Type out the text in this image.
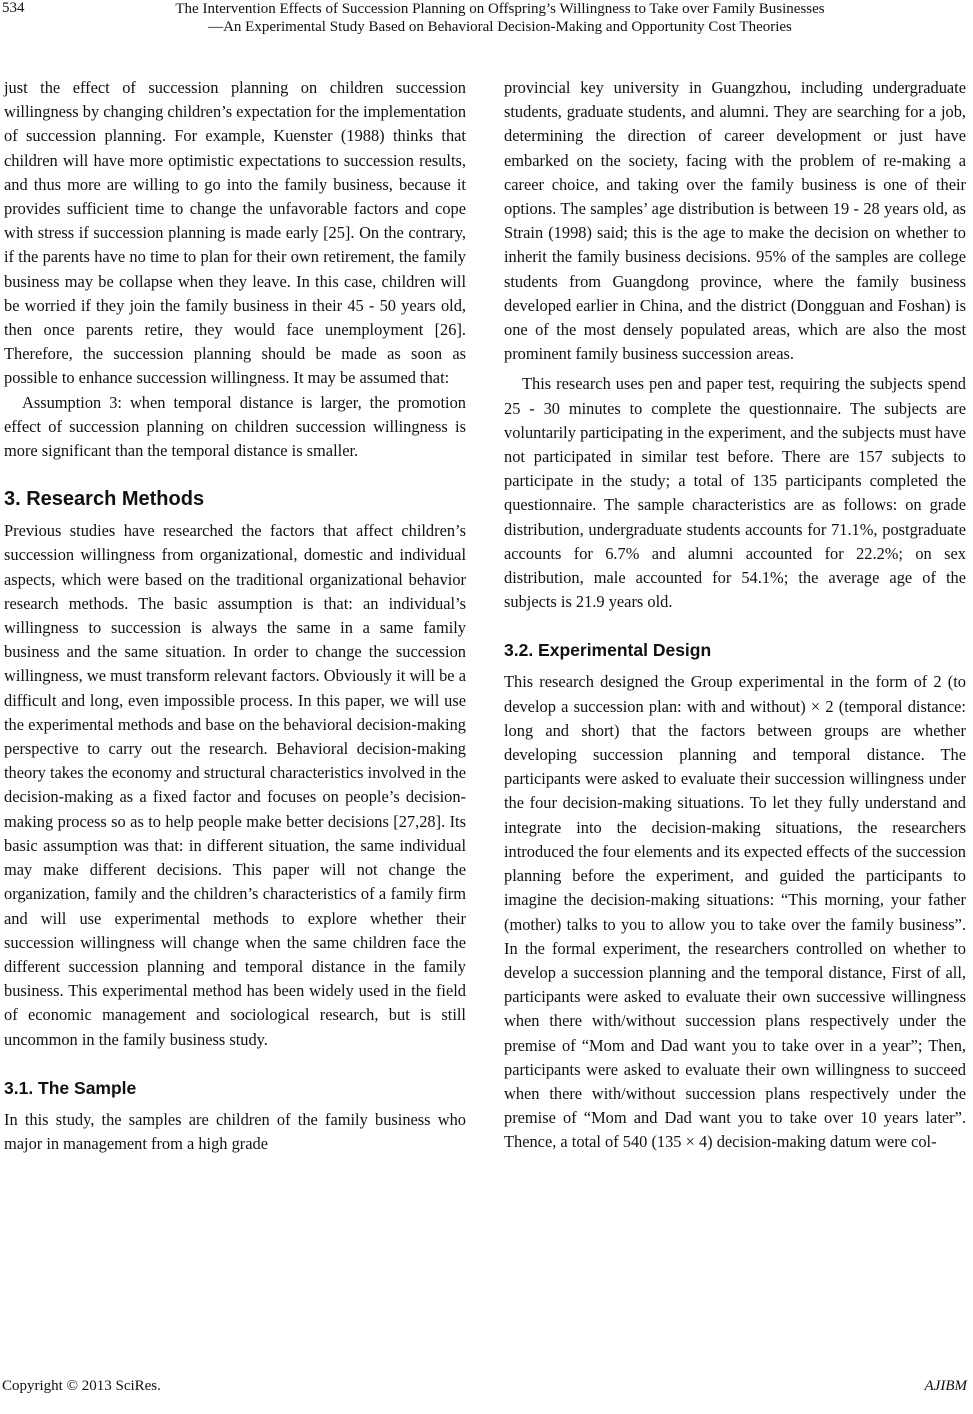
534	The Intervention Effects of Succession Planning on Offspring’s Willingness to Take over Family Businesses
—An Experimental Study Based on Behavioral Decision-Making and Opportunity Cost Theories

just the effect of succession planning on children succession willingness by changing children’s expectation for the implementation of succession planning. For example, Kuenster (1988) thinks that children will have more optimistic expectations to succession results, and thus more are willing to go into the family business, because it provides sufficient time to change the unfavorable factors and cope with stress if succession planning is made early [25]. On the contrary, if the parents have no time to plan for their own retirement, the family business may be collapse when they leave. In this case, children will be worried if they join the family business in their 45 - 50 years old, then once parents retire, they would face unemployment [26]. Therefore, the succession planning should be made as soon as possible to enhance succession willingness. It may be assumed that:

Assumption 3: when temporal distance is larger, the promotion effect of succession planning on children succession willingness is more significant than the temporal distance is smaller.

3. Research Methods

Previous studies have researched the factors that affect children’s succession willingness from organizational, domestic and individual aspects, which were based on the traditional organizational behavior research methods. The basic assumption is that: an individual’s willingness to succession is always the same in a same family business and the same situation. In order to change the succession willingness, we must transform relevant factors. Obviously it will be a difficult and long, even impossible process. In this paper, we will use the experimental methods and base on the behavioral decision-making perspective to carry out the research. Behavioral decision-making theory takes the economy and structural characteristics involved in the decision-making as a fixed factor and focuses on people’s decision-making process so as to help people make better decisions [27,28]. Its basic assumption was that: in different situation, the same individual may make different decisions. This paper will not change the organization, family and the children’s characteristics of a family firm and will use experimental methods to explore whether their succession willingness will change when the same children face the different succession planning and temporal distance in the family business. This experimental method has been widely used in the field of economic management and sociological research, but is still uncommon in the family business study.

3.1. The Sample

In this study, the samples are children of the family business who major in management from a high grade

provincial key university in Guangzhou, including undergraduate students, graduate students, and alumni. They are searching for a job, determining the direction of career development or just have embarked on the society, facing with the problem of re-making a career choice, and taking over the family business is one of their options. The samples’ age distribution is between 19 - 28 years old, as Strain (1998) said; this is the age to make the decision on whether to inherit the family business decisions. 95% of the samples are college students from Guangdong province, where the family business developed earlier in China, and the district (Dongguan and Foshan) is one of the most densely populated areas, which are also the most prominent family business succession areas.

This research uses pen and paper test, requiring the subjects spend 25 - 30 minutes to complete the questionnaire. The subjects are voluntarily participating in the experiment, and the subjects must have not participated in similar test before. There are 157 subjects to participate in the study; a total of 135 participants completed the questionnaire. The sample characteristics are as follows: on grade distribution, undergraduate students accounts for 71.1%, postgraduate accounts for 6.7% and alumni accounted for 22.2%; on sex distribution, male accounted for 54.1%; the average age of the subjects is 21.9 years old.

3.2. Experimental Design

This research designed the Group experimental in the form of 2 (to develop a succession plan: with and without) × 2 (temporal distance: long and short) that the factors between groups are whether developing succession planning and temporal distance. The participants were asked to evaluate their succession willingness under the four decision-making situations. To let they fully understand and integrate into the decision-making situations, the researchers introduced the four elements and its expected effects of the succession planning before the experiment, and guided the participants to imagine the decision-making situations: “This morning, your father (mother) talks to you to allow you to take over the family business”. In the formal experiment, the researchers controlled on whether to develop a succession planning and the temporal distance, First of all, participants were asked to evaluate their own successive willingness when there with/without succession plans respectively under the premise of “Mom and Dad want you to take over in a year”; Then, participants were asked to evaluate their own willingness to succeed when there with/without succession plans respectively under the premise of “Mom and Dad want you to take over 10 years later”. Thence, a total of 540 (135 × 4) decision-making datum were col-

Copyright © 2013 SciRes.	AJIBM
